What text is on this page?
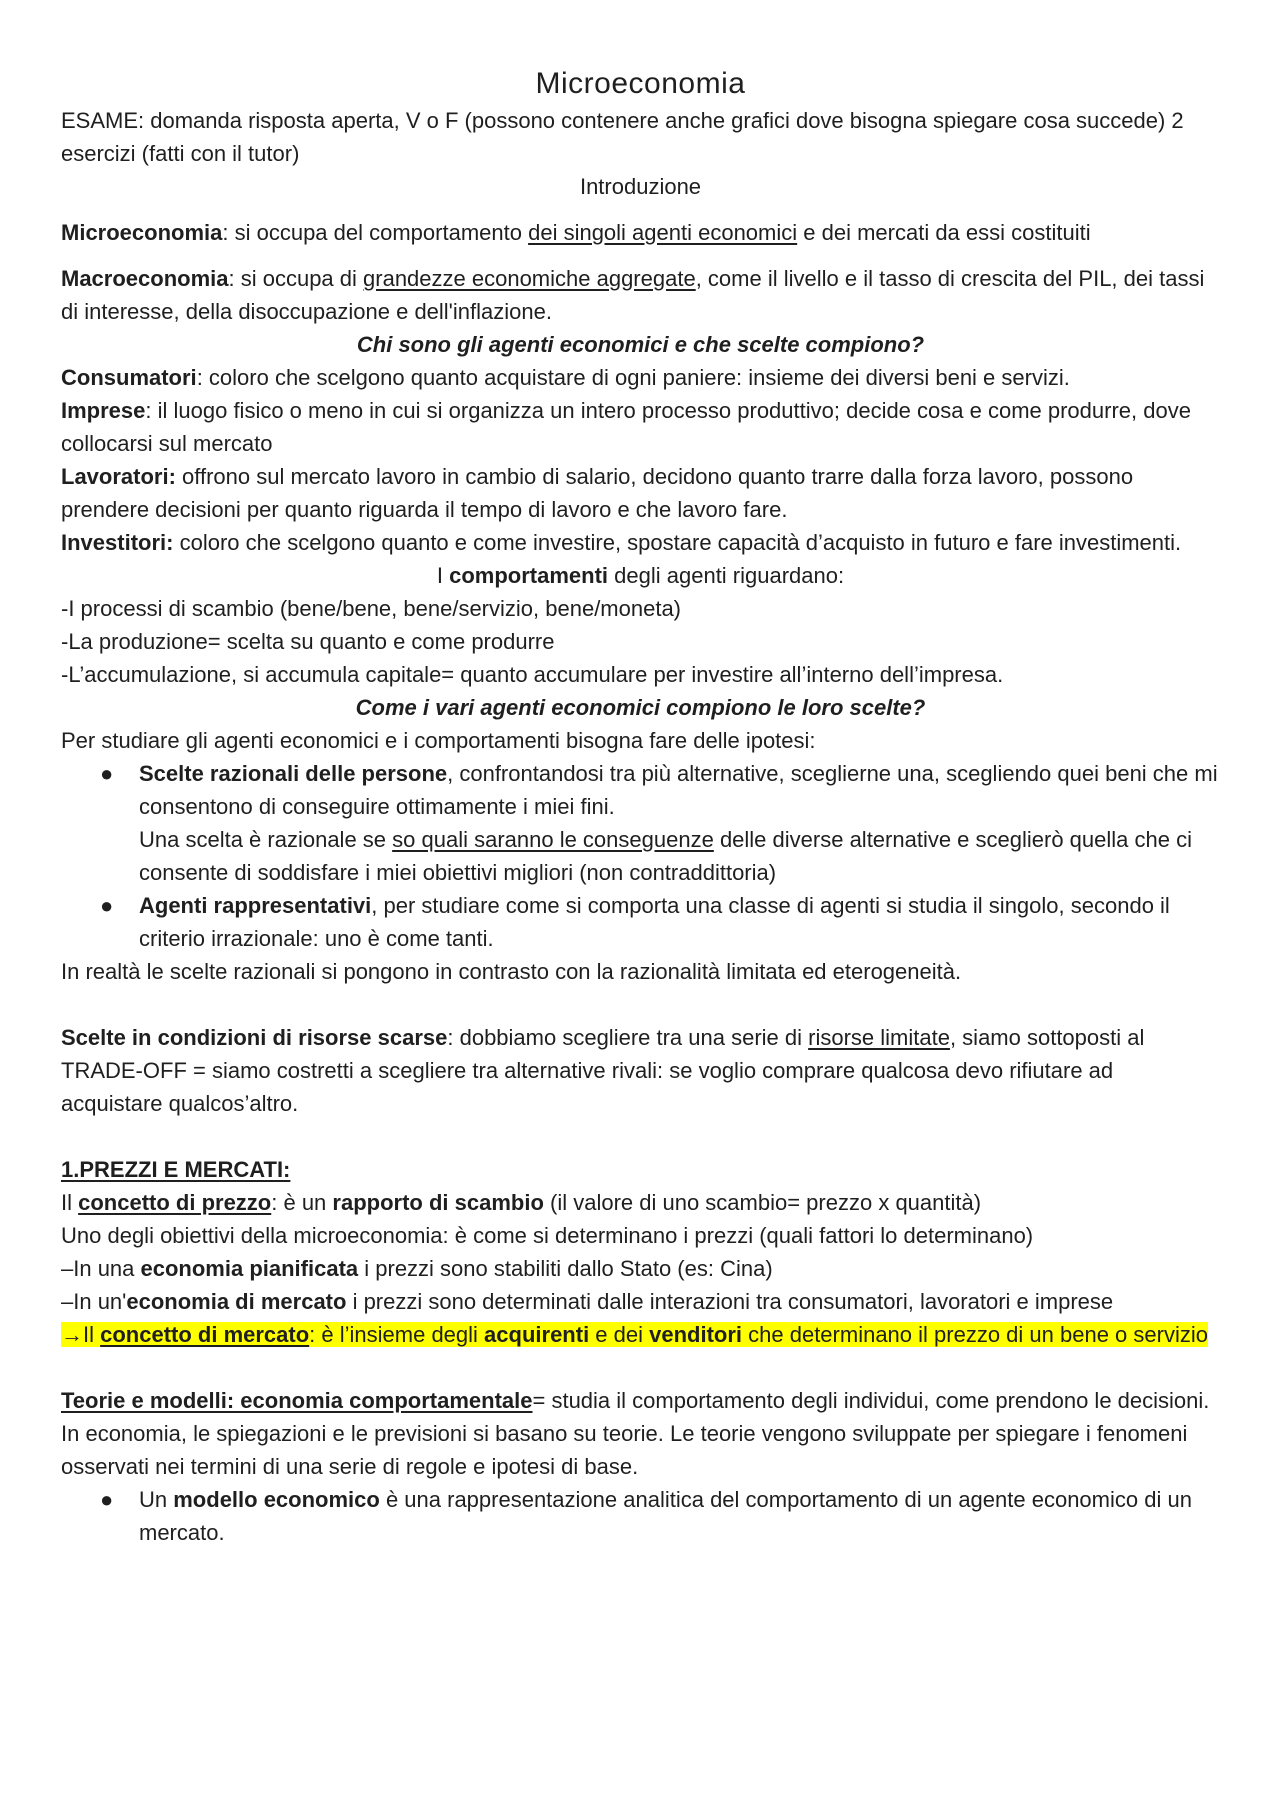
Microeconomia

ESAME: domanda risposta aperta, V o F (possono contenere anche grafici dove bisogna spiegare cosa succede) 2 esercizi (fatti con il tutor)

Introduzione

Microeconomia: si occupa del comportamento dei singoli agenti economici e dei mercati da essi costituiti

Macroeconomia: si occupa di grandezze economiche aggregate, come il livello e il tasso di crescita del PIL, dei tassi di interesse, della disoccupazione e dell'inflazione.

Chi sono gli agenti economici e che scelte compiono?

Consumatori: coloro che scelgono quanto acquistare di ogni paniere: insieme dei diversi beni e servizi.

Imprese: il luogo fisico o meno in cui si organizza un intero processo produttivo; decide cosa e come produrre, dove collocarsi sul mercato

Lavoratori: offrono sul mercato lavoro in cambio di salario, decidono quanto trarre dalla forza lavoro, possono prendere decisioni per quanto riguarda il tempo di lavoro e che lavoro fare.

Investitori: coloro che scelgono quanto e come investire, spostare capacità d’acquisto in futuro e fare investimenti.

I comportamenti degli agenti riguardano:

-I processi di scambio (bene/bene, bene/servizio, bene/moneta)

-La produzione= scelta su quanto e come produrre

-L’accumulazione, si accumula capitale= quanto accumulare per investire all’interno dell’impresa.

Come i vari agenti economici compiono le loro scelte?

Per studiare gli agenti economici e i comportamenti bisogna fare delle ipotesi:

● Scelte razionali delle persone, confrontandosi tra più alternative, sceglierne una, scegliendo quei beni che mi consentono di conseguire ottimamente i miei fini.
Una scelta è razionale se so quali saranno le conseguenze delle diverse alternative e sceglierò quella che ci consente di soddisfare i miei obiettivi migliori (non contraddittoria)
● Agenti rappresentativi, per studiare come si comporta una classe di agenti si studia il singolo, secondo il criterio irrazionale: uno è come tanti.

In realtà le scelte razionali si pongono in contrasto con la razionalità limitata ed eterogeneità.

Scelte in condizioni di risorse scarse: dobbiamo scegliere tra una serie di risorse limitate, siamo sottoposti al TRADE-OFF = siamo costretti a scegliere tra alternative rivali: se voglio comprare qualcosa devo rifiutare ad acquistare qualcos’altro.

1.PREZZI E MERCATI:

Il concetto di prezzo: è un rapporto di scambio (il valore di uno scambio= prezzo x quantità)

Uno degli obiettivi della microeconomia: è come si determinano i prezzi (quali fattori lo determinano)

–In una economia pianificata i prezzi sono stabiliti dallo Stato (es: Cina)

–In un'economia di mercato i prezzi sono determinati dalle interazioni tra consumatori, lavoratori e imprese

→Il concetto di mercato: è l’insieme degli acquirenti e dei venditori che determinano il prezzo di un bene o servizio

Teorie e modelli: economia comportamentale= studia il comportamento degli individui, come prendono le decisioni.

In economia, le spiegazioni e le previsioni si basano su teorie. Le teorie vengono sviluppate per spiegare i fenomeni osservati nei termini di una serie di regole e ipotesi di base.

● Un modello economico è una rappresentazione analitica del comportamento di un agente economico di un mercato.
